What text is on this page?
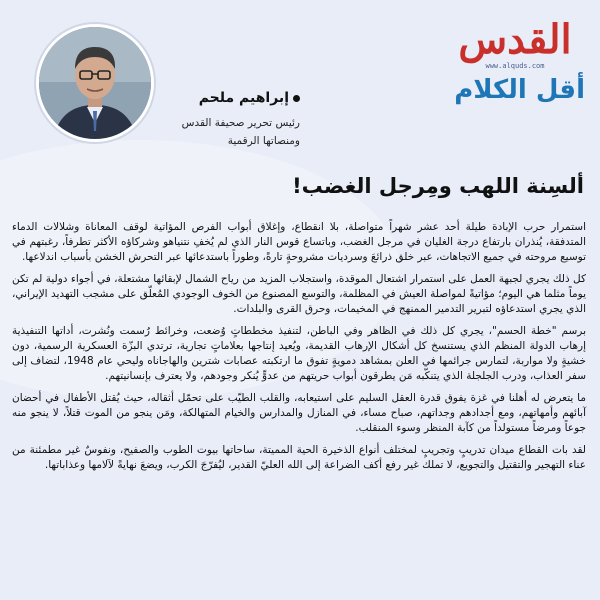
القدس
www.alquds.com
أقل الكلام
إبراهيم ملحم
رئيس تحرير صحيفة القدس
ومنصاتها الرقمية
ألسِنة اللهب ومِرجل الغضب!

استمرار حرب الإبادة طيلة أحد عشر شهراً متواصلة، بلا انقطاع، وإغلاق أبواب الفرص المؤاتية لوقف المعاناة وشلالات الدماء المتدفقة، يُنذران بارتفاع درجة الغليان في مرجل الغضب، وباتساع قوس النار الذي لم يُخفِ نتنياهو وشركاؤه الأكثر تطرفاً، رغبتهم في توسيع مروحته في جميع الاتجاهات، عبر خلق ذرائعَ وسرديات مشروحةٍ تارةً، وطوراً باستدعائها عبر التحرش الخشن بأسباب اندلاعها.

كل ذلك يجري لجبهة العمل على استمرار اشتعال الموقدة، واستجلاب المزيد من رياح الشمال لإبقائها مشتعلة، في أجواء دولية لم تكن يوماً مثلما هي اليوم؛ مؤاتيةً لمواصلة العيش في المظلمة، والتوسع المصنوع من الخوف الوجودي المُعلّق على مشجب التهديد الإيراني، الذي يجري استدعاؤه لتبرير التدمير الممنهج في المخيمات، وحرق القرى والبلدات.

برسم "خطة الحسم"، يجري كل ذلك في الظاهر وفي الباطن، لتنفيذ مخططاتٍ وُضعت، وخرائط رُسمت ونُشرت، أداتها التنفيذية إرهاب الدولة المنظم الذي يستنسخ كل أشكال الإرهاب القديمة، ويُعيد إنتاجها بعلاماتٍ تجارية، ترتدي البزّة العسكرية الرسمية، دون خشيةٍ ولا مواربة، لتمارس جرائمها في العلن بمشاهد دمويةٍ تفوق ما ارتكبته عصابات شترين والهاجاناه وليحي عام 1948، لتضاف إلى سفر العذاب، ودرب الجلجلة الذي يتنكّبه مَن يطرقون أبواب حريتهم من عدوٍّ يُنكر وجودهم، ولا يعترف بإنسانيتهم.

ما يتعرض له أهلنا في غزة يفوق قدرة العقل السليم على استيعابه، والقلب الطيّب على تحمّل أثقاله، حيث يُقتل الأطفال في أحضان آبائهم وأمهاتهم، ومع أجدادهم وجداتهم، صباح مساء، في المنازل والمدارس والخيام المتهالكة، ومَن ينجو من الموت قتلاً، لا ينجو منه جوعاً ومرضاً مستولداً من كآبة المنظر وسوء المنقلب.

لقد بات القطاع ميدان تدريبٍ وتجريبٍ لمختلف أنواع الذخيرة الحية المميتة، ساحاتها بيوت الطوب والصفيح، ونفوسٌ غير مطمئنة من عناء التهجير والتقتيل والتجويع، لا تملك غير رفع أكف الضراعة إلى الله العليّ القدير، ليُفرّجَ الكرب، ويضعَ نهايةً لآلامها وعذاباتها.
